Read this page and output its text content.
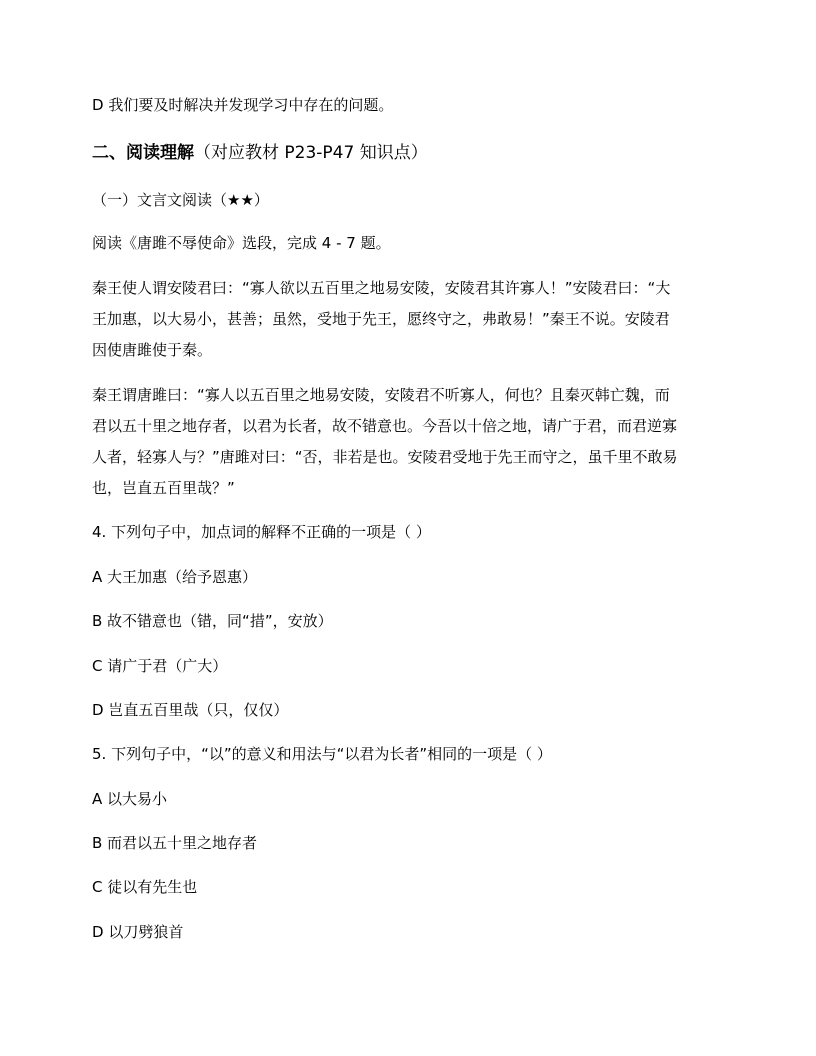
D 我们要及时解决并发现学习中存在的问题。
二、阅读理解（对应教材 P23-P47 知识点）
（一）文言文阅读（★★）
阅读《唐雎不辱使命》选段，完成 4 - 7 题。
秦王使人谓安陵君曰：“寡人欲以五百里之地易安陵，安陵君其许寡人！”安陵君曰：“大
王加惠，以大易小，甚善；虽然，受地于先王，愿终守之，弗敢易！”秦王不说。安陵君
因使唐雎使于秦。
秦王谓唐雎曰：“寡人以五百里之地易安陵，安陵君不听寡人，何也？且秦灭韩亡魏，而
君以五十里之地存者，以君为长者，故不错意也。今吾以十倍之地，请广于君，而君逆寡
人者，轻寡人与？”唐雎对曰：“否，非若是也。安陵君受地于先王而守之，虽千里不敢易
也，岂直五百里哉？”
4. 下列句子中，加点词的解释不正确的一项是（ ）
A 大王加惠（给予恩惠）
B 故不错意也（错，同“措”，安放）
C 请广于君（广大）
D 岂直五百里哉（只，仅仅）
5. 下列句子中，“以”的意义和用法与“以君为长者”相同的一项是（ ）
A 以大易小
B 而君以五十里之地存者
C 徒以有先生也
D 以刀劈狼首
